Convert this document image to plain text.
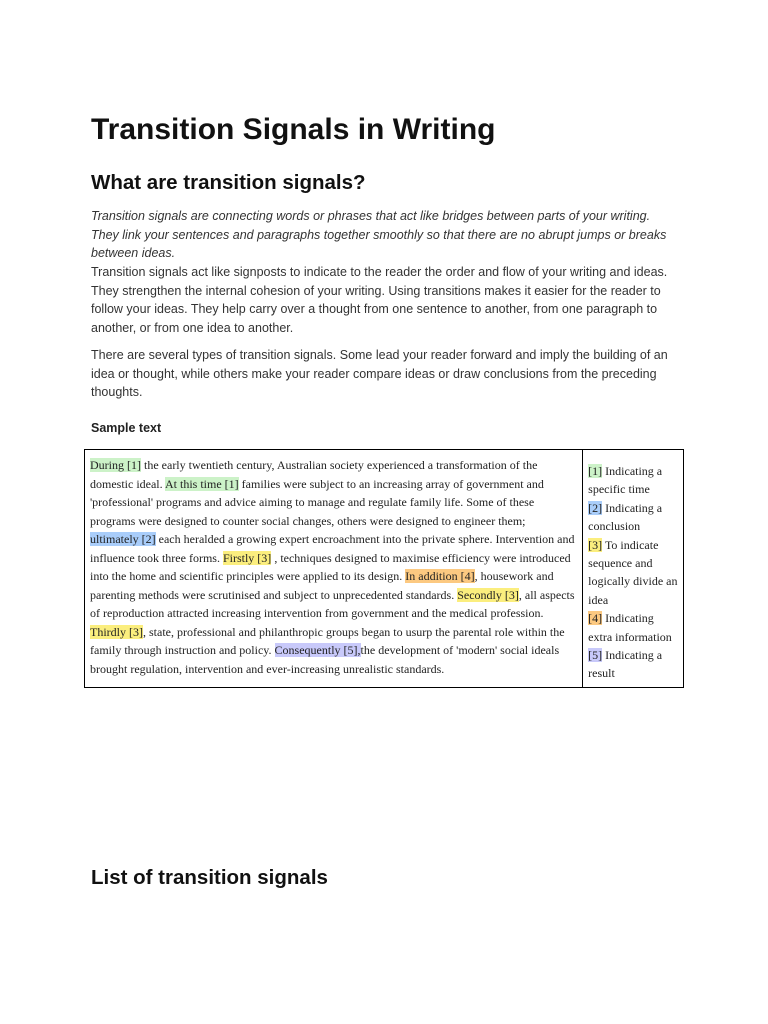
Transition Signals in Writing
What are transition signals?

Transition signals are connecting words or phrases that act like bridges between parts of your writing. They link your sentences and paragraphs together smoothly so that there are no abrupt jumps or breaks between ideas.

Transition signals act like signposts to indicate to the reader the order and flow of your writing and ideas. They strengthen the internal cohesion of your writing. Using transitions makes it easier for the reader to follow your ideas. They help carry over a thought from one sentence to another, from one paragraph to another, or from one idea to another.

There are several types of transition signals. Some lead your reader forward and imply the building of an idea or thought, while others make your reader compare ideas or draw conclusions from the preceding thoughts.

Sample text

During [1] the early twentieth century, Australian society experienced a transformation of the domestic ideal. At this time [1] families were subject to an increasing array of government and 'professional' programs and advice aiming to manage and regulate family life. Some of these programs were designed to counter social changes, others were designed to engineer them; ultimately [2] each heralded a growing expert encroachment into the private sphere. Intervention and influence took three forms. Firstly [3] , techniques designed to maximise efficiency were introduced into the home and scientific principles were applied to its design. In addition [4], housework and parenting methods were scrutinised and subject to unprecedented standards. Secondly [3], all aspects of reproduction attracted increasing intervention from government and the medical profession. Thirdly [3], state, professional and philanthropic groups began to usurp the parental role within the family through instruction and policy. Consequently [5],the development of 'modern' social ideals brought regulation, intervention and ever-increasing unrealistic standards.	[1] Indicating a specific time
[2] Indicating a conclusion
[3] To indicate sequence and logically divide an idea
[4] Indicating extra information
[5] Indicating a result

List of transition signals
